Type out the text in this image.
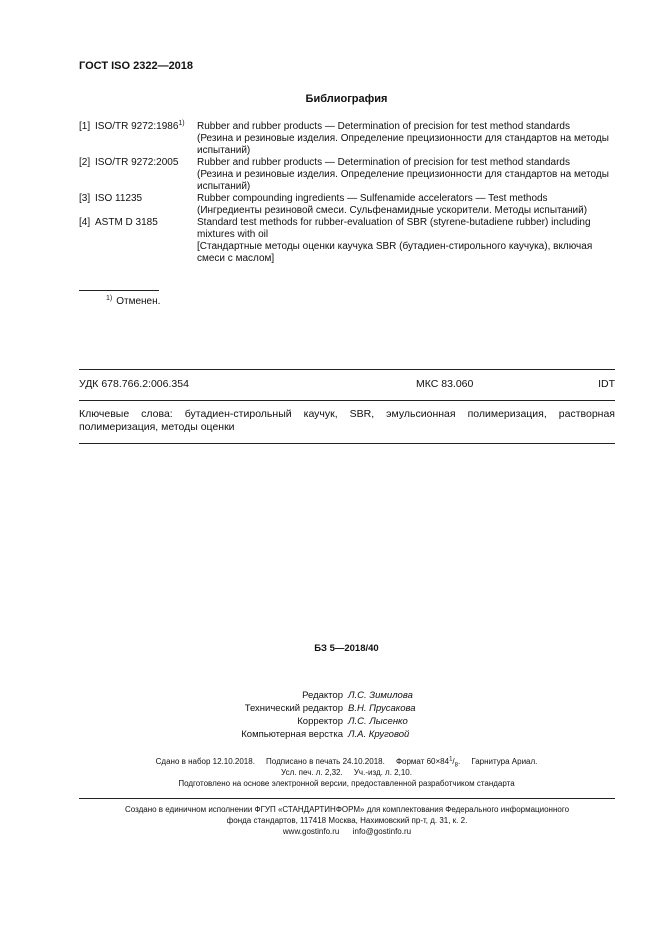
ГОСТ ISO 2322—2018
Библиография
[1] ISO/TR 9272:1986$^{1)}$	Rubber and rubber products — Determination of precision for test method standards
(Резина и резиновые изделия. Определение прецизионности для стандартов на методы испытаний)
[2] ISO/TR 9272:2005	Rubber and rubber products — Determination of precision for test method standards
(Резина и резиновые изделия. Определение прецизионности для стандартов на методы испытаний)
[3] ISO 11235	Rubber compounding ingredients — Sulfenamide accelerators — Test methods
(Ингредиенты резиновой смеси. Сульфенамидные ускорители. Методы испытаний)
[4] ASTM D 3185	Standard test methods for rubber-evaluation of SBR (styrene-butadiene rubber) including mixtures with oil
[Стандартные методы оценки каучука SBR (бутадиен-стирольного каучука), включая смеси с маслом]
$^{1)}$ Отменен.
УДК 678.766.2:006.354	МКС 83.060	IDT
Ключевые слова: бутадиен-стирольный каучук, SBR, эмульсионная полимеризация, растворная полимеризация, методы оценки
БЗ 5—2018/40
Редактор Л.С. Зимилова
Технический редактор В.Н. Прусакова
Корректор Л.С. Лысенко
Компьютерная верстка Л.А. Круговой
Сдано в набор 12.10.2018. Подписано в печать 24.10.2018. Формат $60\times 84^1/_8$.     Гарнитура Ариал.
Усл. печ. л. 2,32. Уч.-изд. л. 2,10.
Подготовлено на основе электронной версии, предоставленной разработчиком стандарта
Создано в единичном исполнении ФГУП «СТАНДАРТИНФОРМ» для комплектования Федерального информационного
фонда стандартов, 117418 Москва, Нахимовский пр-т, д. 31, к. 2.
www.gostinfo.ru info@gostinfo.ru
